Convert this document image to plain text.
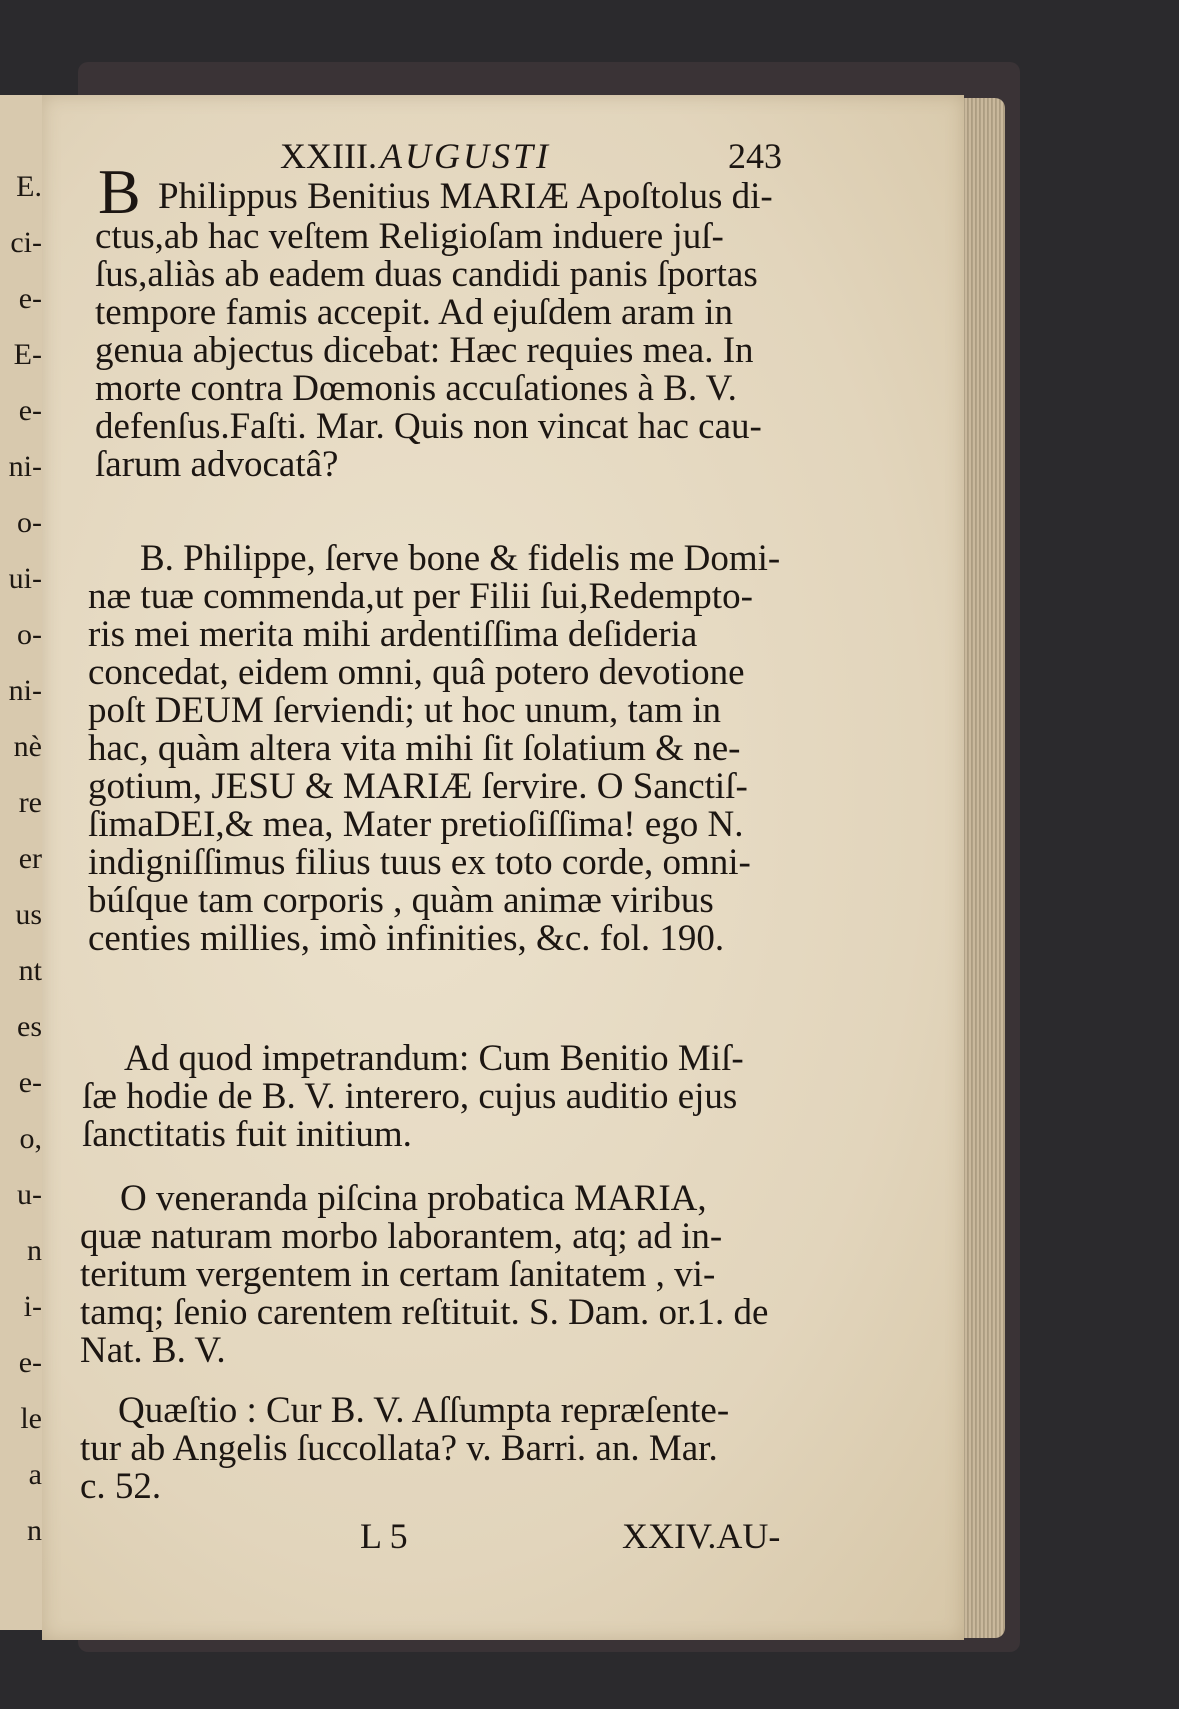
E.
ci-
e-
E-
e-
ni-
o-
ui-
o-
ni-
nè
re
er
us
nt
es
e-
o,
u-
n
i-
e-
le
a
n
XXIII. AUGUSTI	243
B Philippus Benitius MARIÆ Apoſtolus di-
ctus,ab hac veſtem Religioſam induere juſ-
ſus,aliàs ab eadem duas candidi panis ſportas
tempore famis accepit. Ad ejuſdem aram in
genua abjectus dicebat: Hæc requies mea. In
morte contra Dœmonis accuſationes à B. V.
defenſus.Faſti. Mar. Quis non vincat hac cau-
ſarum advocatâ?
B. Philippe, ſerve bone & fidelis me Domi-
næ tuæ commenda,ut per Filii ſui,Redempto-
ris mei merita mihi ardentiſſima deſideria
concedat, eidem omni, quâ potero devotione
poſt DEUM ſerviendi; ut hoc unum, tam in
hac, quàm altera vita mihi ſit ſolatium & ne-
gotium, JESU & MARIÆ ſervire. O Sanctiſ-
ſimaDEI,& mea, Mater pretioſiſſima! ego N.
indigniſſimus filius tuus ex toto corde, omni-
búſque tam corporis , quàm animæ viribus
centies millies, imò infinities, &c. fol. 190.
Ad quod impetrandum: Cum Benitio Miſ-
ſæ hodie de B. V. interero, cujus auditio ejus
ſanctitatis fuit initium.
O veneranda piſcina probatica MARIA,
quæ naturam morbo laborantem, atq; ad in-
teritum vergentem in certam ſanitatem , vi-
tamq; ſenio carentem reſtituit. S. Dam. or.1. de
Nat. B. V.
Quæſtio : Cur B. V. Aſſumpta repræſente-
tur ab Angelis ſuccollata? v. Barri. an. Mar.
c. 52.
L 5	XXIV.AU-
